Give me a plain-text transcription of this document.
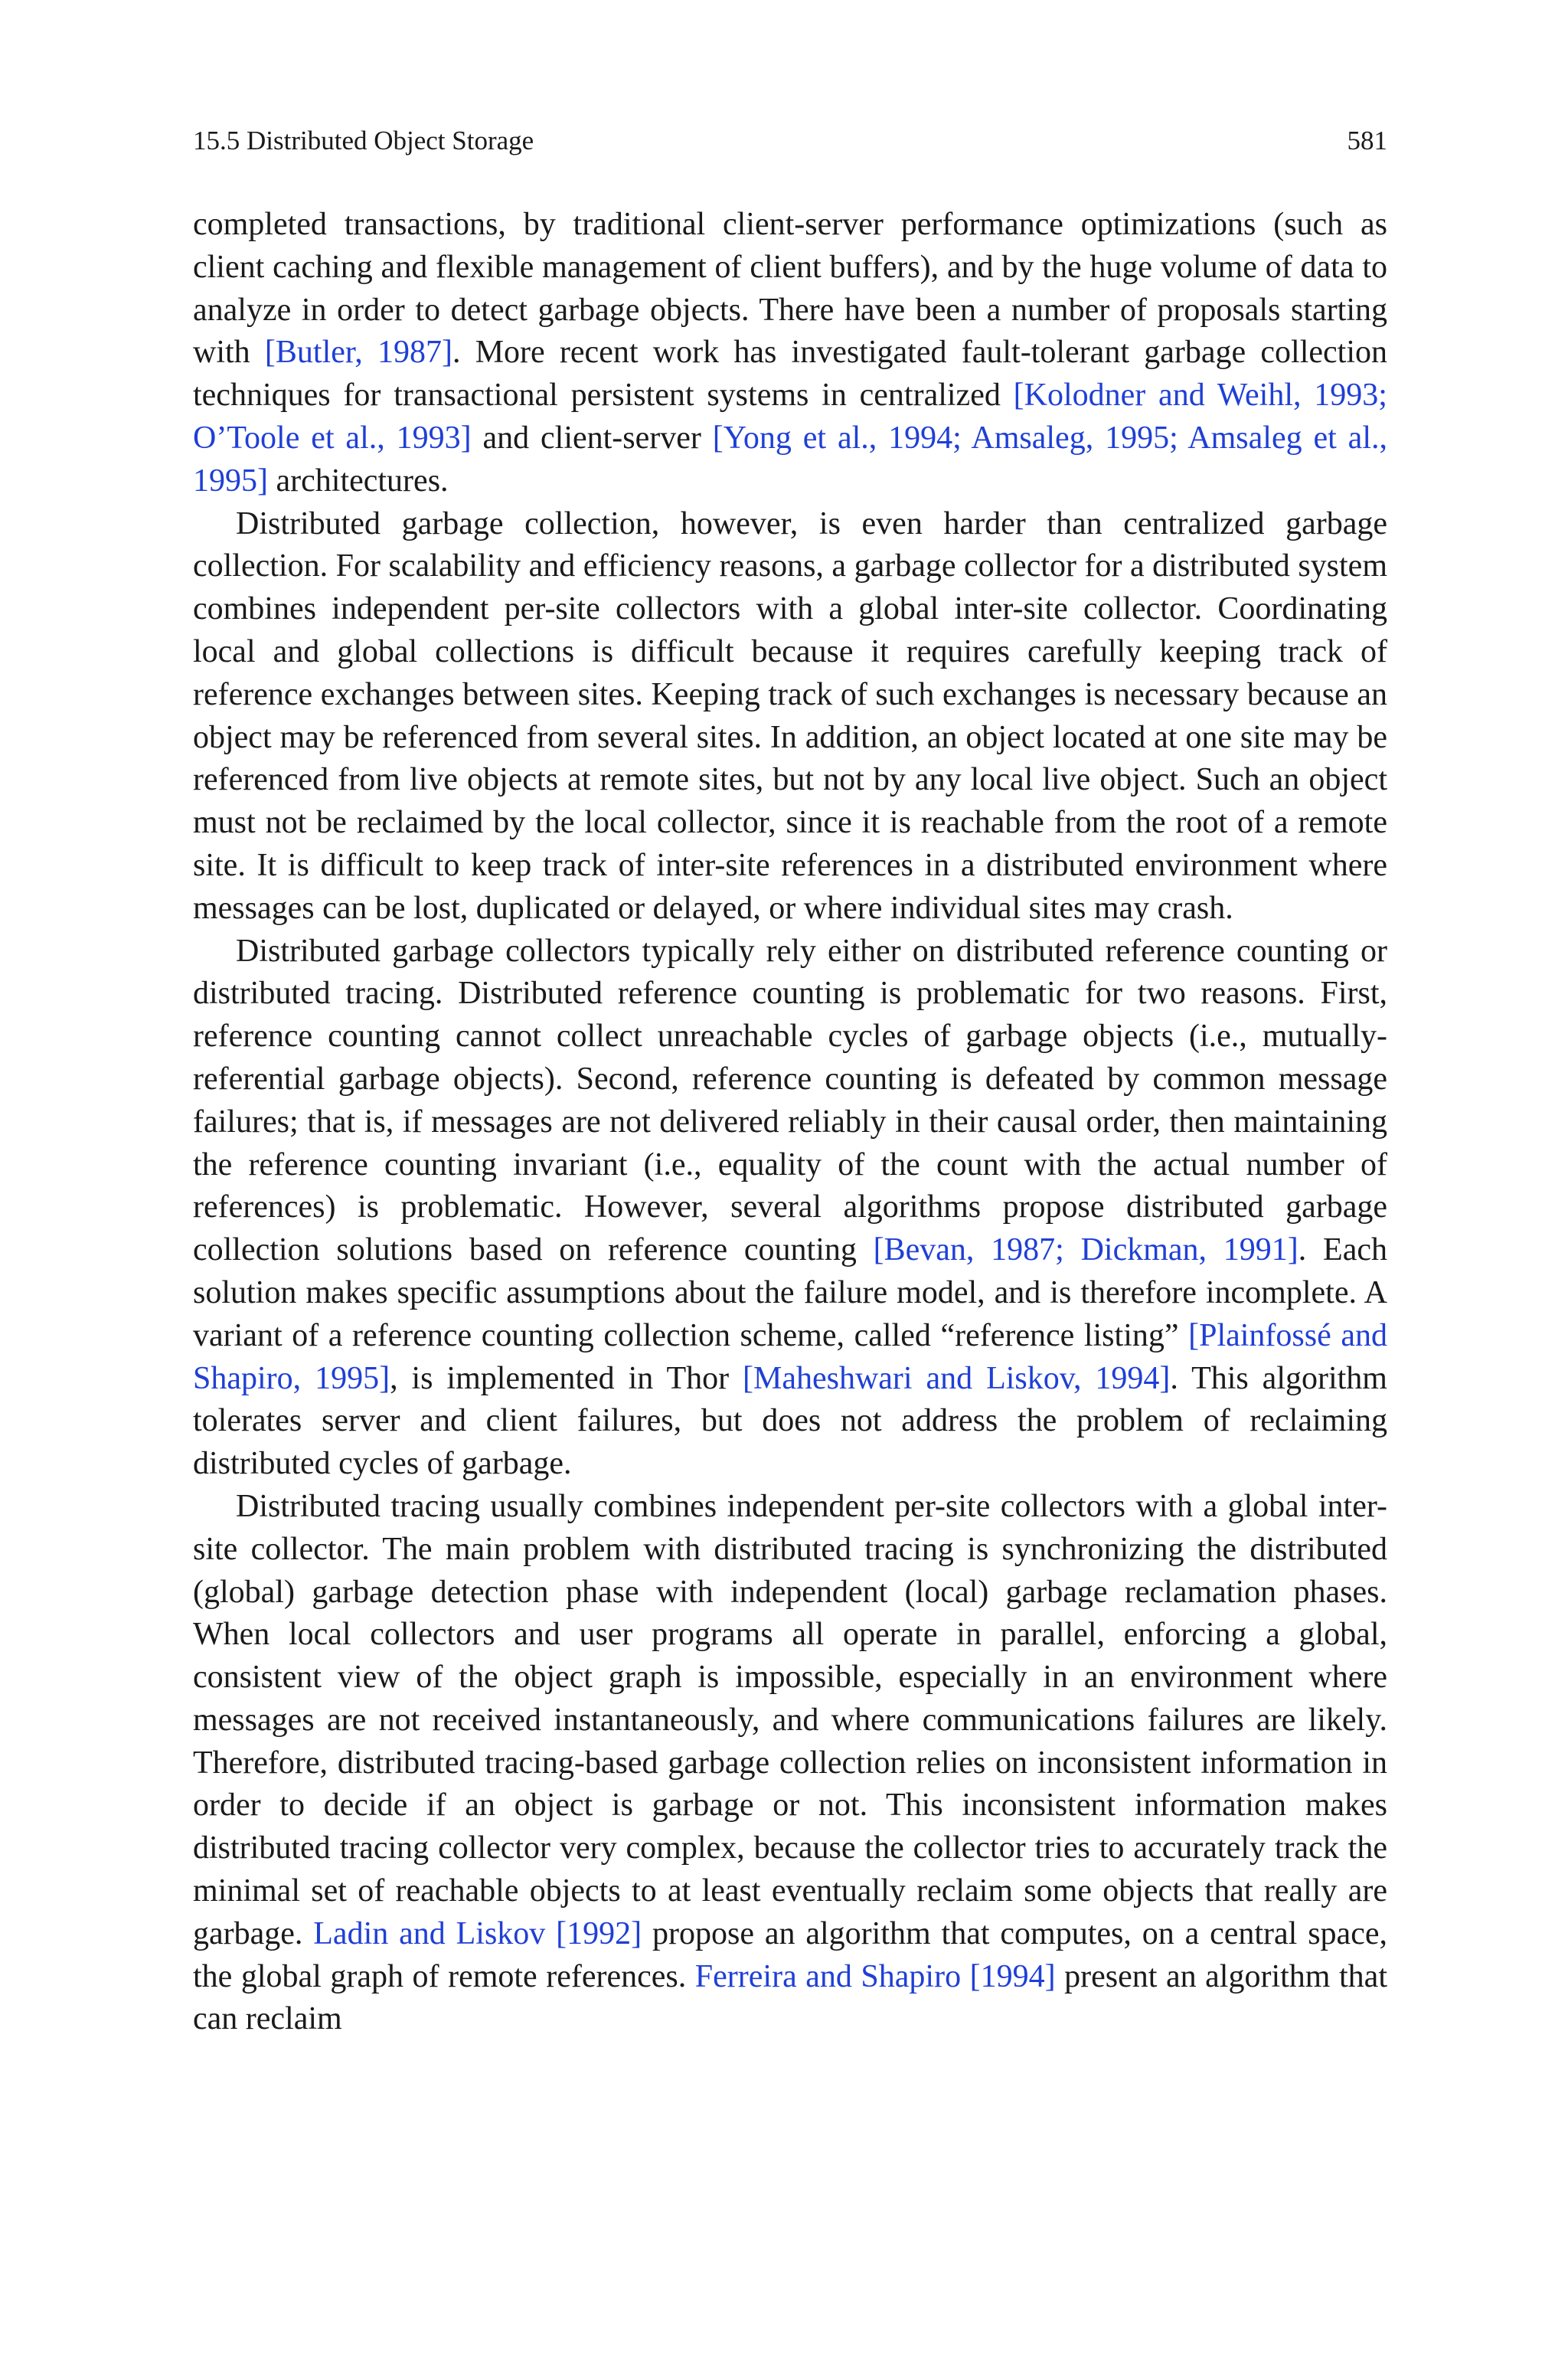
15.5 Distributed Object Storage	581

completed transactions, by traditional client-server performance optimizations (such as client caching and flexible management of client buffers), and by the huge volume of data to analyze in order to detect garbage objects. There have been a number of proposals starting with [Butler, 1987]. More recent work has investigated fault-tolerant garbage collection techniques for transactional persistent systems in centralized [Kolodner and Weihl, 1993; O’Toole et al., 1993] and client-server [Yong et al., 1994; Amsaleg, 1995; Amsaleg et al., 1995] architectures.

Distributed garbage collection, however, is even harder than centralized garbage collection. For scalability and efficiency reasons, a garbage collector for a distributed system combines independent per-site collectors with a global inter-site collector. Coordinating local and global collections is difficult because it requires carefully keeping track of reference exchanges between sites. Keeping track of such exchanges is necessary because an object may be referenced from several sites. In addition, an object located at one site may be referenced from live objects at remote sites, but not by any local live object. Such an object must not be reclaimed by the local collector, since it is reachable from the root of a remote site. It is difficult to keep track of inter-site references in a distributed environment where messages can be lost, duplicated or delayed, or where individual sites may crash.

Distributed garbage collectors typically rely either on distributed reference counting or distributed tracing. Distributed reference counting is problematic for two reasons. First, reference counting cannot collect unreachable cycles of garbage objects (i.e., mutually-referential garbage objects). Second, reference counting is defeated by common message failures; that is, if messages are not delivered reliably in their causal order, then maintaining the reference counting invariant (i.e., equality of the count with the actual number of references) is problematic. However, several algorithms propose distributed garbage collection solutions based on reference counting [Bevan, 1987; Dickman, 1991]. Each solution makes specific assumptions about the failure model, and is therefore incomplete. A variant of a reference counting collection scheme, called “reference listing” [Plainfossé and Shapiro, 1995], is implemented in Thor [Maheshwari and Liskov, 1994]. This algorithm tolerates server and client failures, but does not address the problem of reclaiming distributed cycles of garbage.

Distributed tracing usually combines independent per-site collectors with a global inter-site collector. The main problem with distributed tracing is synchronizing the distributed (global) garbage detection phase with independent (local) garbage reclamation phases. When local collectors and user programs all operate in parallel, enforcing a global, consistent view of the object graph is impossible, especially in an environment where messages are not received instantaneously, and where communications failures are likely. Therefore, distributed tracing-based garbage collection relies on inconsistent information in order to decide if an object is garbage or not. This inconsistent information makes distributed tracing collector very complex, because the collector tries to accurately track the minimal set of reachable objects to at least eventually reclaim some objects that really are garbage. Ladin and Liskov [1992] propose an algorithm that computes, on a central space, the global graph of remote references. Ferreira and Shapiro [1994] present an algorithm that can reclaim
